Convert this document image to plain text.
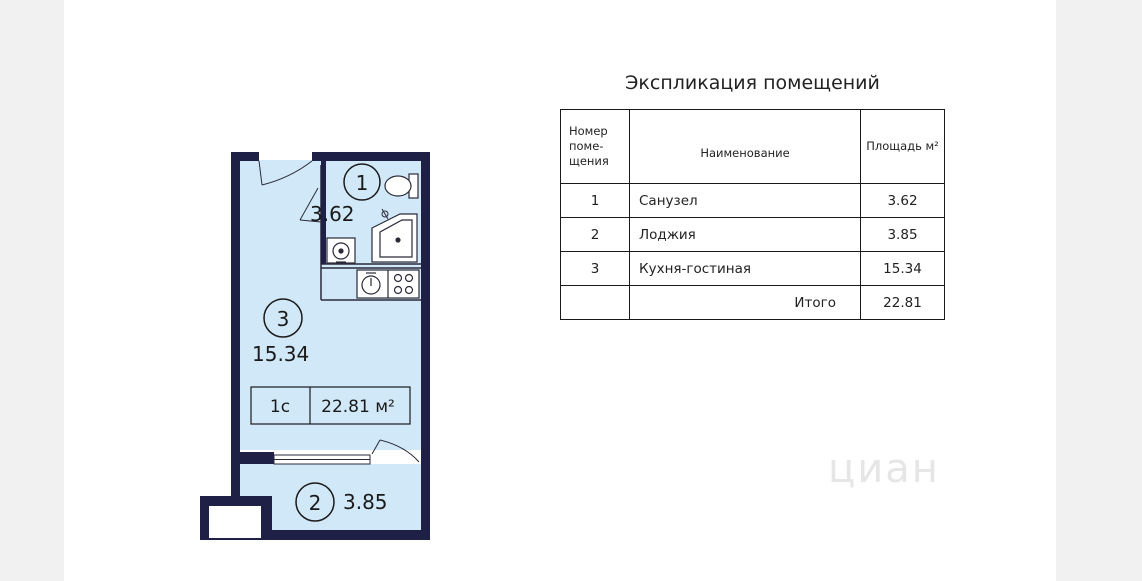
1
3.62
3
15.34
1с 22.81 м²
2 3.85
циан
Экспликация помещений
Номер поме-щения	Наименование	Площадь м²
1	Санузел	3.62
2	Лоджия	3.85
3	Кухня-гостиная	15.34
	Итого	22.81
